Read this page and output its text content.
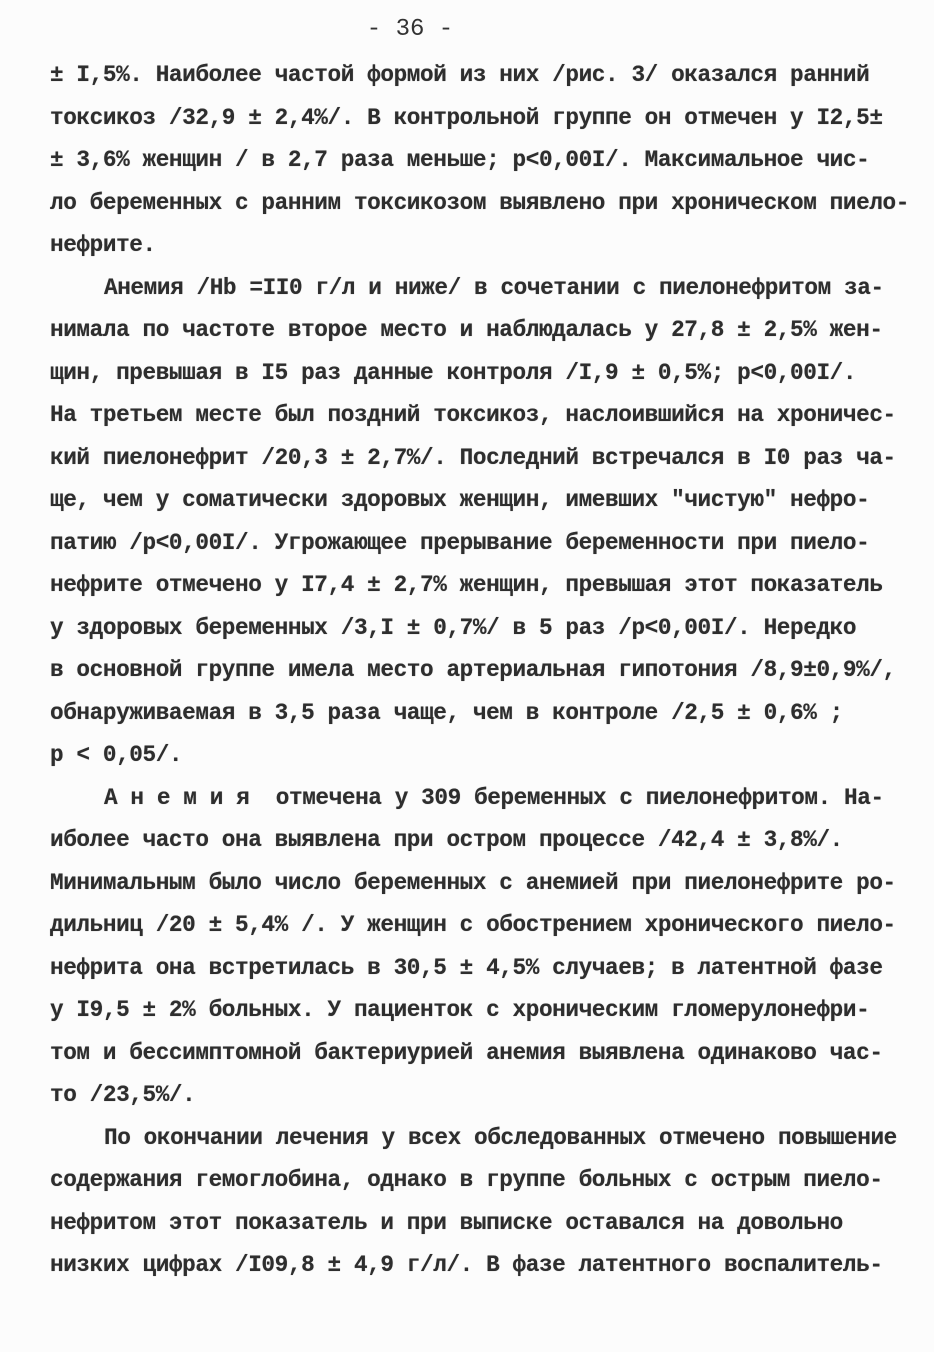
- 36 -
± I,5%. Наиболее частой формой из них /рис. 3/ оказался ранний
токсикоз /32,9 ± 2,4%/. В контрольной группе он отмечен у I2,5±
± 3,6% женщин / в 2,7 раза меньше; р<0,00I/. Максимальное чис-
ло беременных с ранним токсикозом выявлено при хроническом пиело-
нефрите.
Анемия /Hb =II0 г/л и ниже/ в сочетании с пиелонефритом за-
нимала по частоте второе место и наблюдалась у 27,8 ± 2,5% жен-
щин, превышая в I5 раз данные контроля /I,9 ± 0,5%; р<0,00I/.
На третьем месте был поздний токсикоз, наслоившийся на хроничес-
кий пиелонефрит /20,3 ± 2,7%/. Последний встречался в I0 раз ча-
ще, чем у соматически здоровых женщин, имевших "чистую" нефро-
патию /р<0,00I/. Угрожающее прерывание беременности при пиело-
нефрите отмечено у I7,4 ± 2,7% женщин, превышая этот показатель
у здоровых беременных /3,I ± 0,7%/ в 5 раз /р<0,00I/. Нередко
в основной группе имела место артериальная гипотония /8,9±0,9%/,
обнаруживаемая в 3,5 раза чаще, чем в контроле /2,5 ± 0,6% ;
р < 0,05/.
А н е м и я  отмечена у 309 беременных с пиелонефритом. На-
иболее часто она выявлена при остром процессе /42,4 ± 3,8%/.
Минимальным было число беременных с анемией при пиелонефрите ро-
дильниц /20 ± 5,4% /. У женщин с обострением хронического пиело-
нефрита она встретилась в 30,5 ± 4,5% случаев; в латентной фазе
у I9,5 ± 2% больных. У пациенток с хроническим гломерулонефри-
том и бессимптомной бактериурией анемия выявлена одинаково час-
то /23,5%/.
По окончании лечения у всех обследованных отмечено повышение
содержания гемоглобина, однако в группе больных с острым пиело-
нефритом этот показатель и при выписке оставался на довольно
низких цифрах /I09,8 ± 4,9 г/л/. В фазе латентного воспалитель-
